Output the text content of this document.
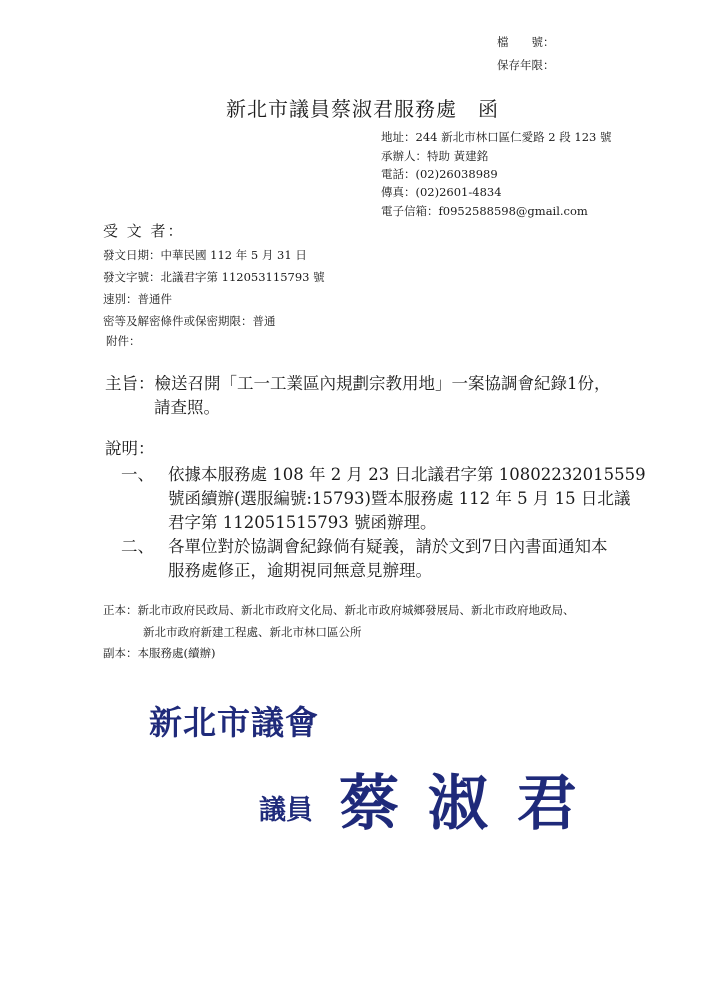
檔　　號：
保存年限：
新北市議員蔡淑君服務處　函
地址：244 新北市林口區仁愛路 2 段 123 號
承辦人：特助 黃建銘
電話：(02)26038989
傳真：(02)2601-4834
電子信箱：f0952588598@gmail.com
受 文 者：
發文日期：中華民國 112 年 5 月 31 日
發文字號：北議君字第 112053115793 號
速別：普通件
密等及解密條件或保密期限：普通
附件：
主旨：檢送召開「工一工業區內規劃宗教用地」一案協調會紀錄1份，
請查照。
說明：
一、 依據本服務處 108 年 2 月 23 日北議君字第 10802232015559
號函續辦(選服編號:15793)暨本服務處 112 年 5 月 15 日北議
君字第 112051515793 號函辦理。
二、 各單位對於協調會紀錄倘有疑義，請於文到7日內書面通知本
服務處修正，逾期視同無意見辦理。
正本：新北市政府民政局、新北市政府文化局、新北市政府城鄉發展局、新北市政府地政局、
新北市政府新建工程處、新北市林口區公所
副本：本服務處(續辦)
新北市議會
議員 蔡 淑 君
